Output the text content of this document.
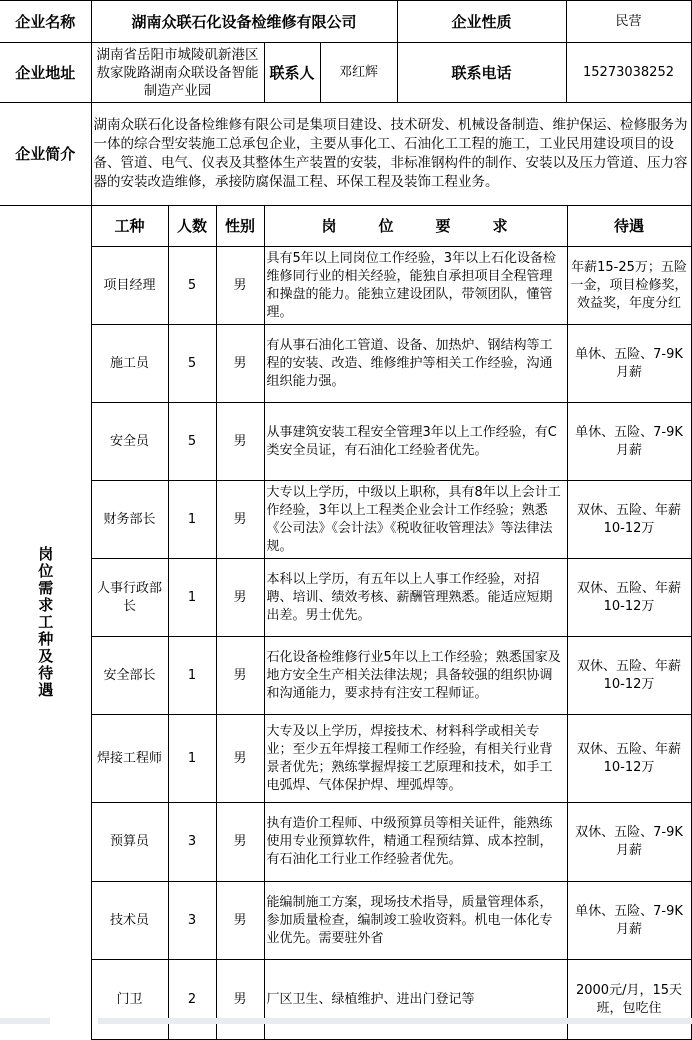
企业名称	湖南众联石化设备检维修有限公司			企业性质	民营
企业地址	湖南省岳阳市城陵矶新港区敖家陇路湖南众联设备智能制造产业园	联系人	邓红辉	联系电话	15273038252
企业简介	湖南众联石化设备检维修有限公司是集项目建设、技术研发、机械设备制造、维护保运、检修服务为一体的综合型安装施工总承包企业，主要从事化工、石油化工工程的施工，工业民用建设项目的设备、管道、电气、仪表及其整体生产装置的安装，非标准钢构件的制作、安装以及压力管道、压力容器的安装改造维修，承接防腐保温工程、环保工程及装饰工程业务。				
岗位需求工种及待遇	工种	人数	性别	岗位要求	待遇
	项目经理	5	男	具有5年以上同岗位工作经验，3年以上石化设备检维修同行业的相关经验，能独自承担项目全程管理和操盘的能力。能独立建设团队，带领团队，懂管理。	年薪15-25万；五险一金，项目检修奖，效益奖，年度分红
	施工员	5	男	有从事石油化工管道、设备、加热炉、钢结构等工程的安装、改造、维修维护等相关工作经验，沟通组织能力强。	单休、五险、7-9K月薪
	安全员	5	男	从事建筑安装工程安全管理3年以上工作经验，有C类安全员证，有石油化工经验者优先。	单休、五险、7-9K月薪
	财务部长	1	男	大专以上学历，中级以上职称，具有8年以上会计工作经验，3年以上工程类企业会计工作经验；熟悉《公司法》《会计法》《税收征收管理法》等法律法规。	双休、五险、年薪10-12万
	人事行政部长	1	男	本科以上学历，有五年以上人事工作经验，对招聘、培训、绩效考核、薪酬管理熟悉。能适应短期出差。男士优先。	双休、五险、年薪10-12万
	安全部长	1	男	石化设备检维修行业5年以上工作经验；熟悉国家及地方安全生产相关法律法规；具备较强的组织协调和沟通能力，要求持有注安工程师证。	双休、五险、年薪10-12万
	焊接工程师	1	男	大专及以上学历，焊接技术、材料科学或相关专业；至少五年焊接工程师工作经验，有相关行业背景者优先；熟练掌握焊接工艺原理和技术，如手工电弧焊、气体保护焊、埋弧焊等。	双休、五险、年薪10-12万
	预算员	3	男	执有造价工程师、中级预算员等相关证件，能熟练使用专业预算软件，精通工程预结算、成本控制，有石油化工行业工作经验者优先。	双休、五险、7-9K月薪
	技术员	3	男	能编制施工方案，现场技术指导，质量管理体系，参加质量检查，编制竣工验收资料。机电一体化专业优先。需要驻外省	单休、五险、7-9K月薪
	门卫	2	男	厂区卫生、绿植维护、进出门登记等	2000元/月，15天班，包吃住
